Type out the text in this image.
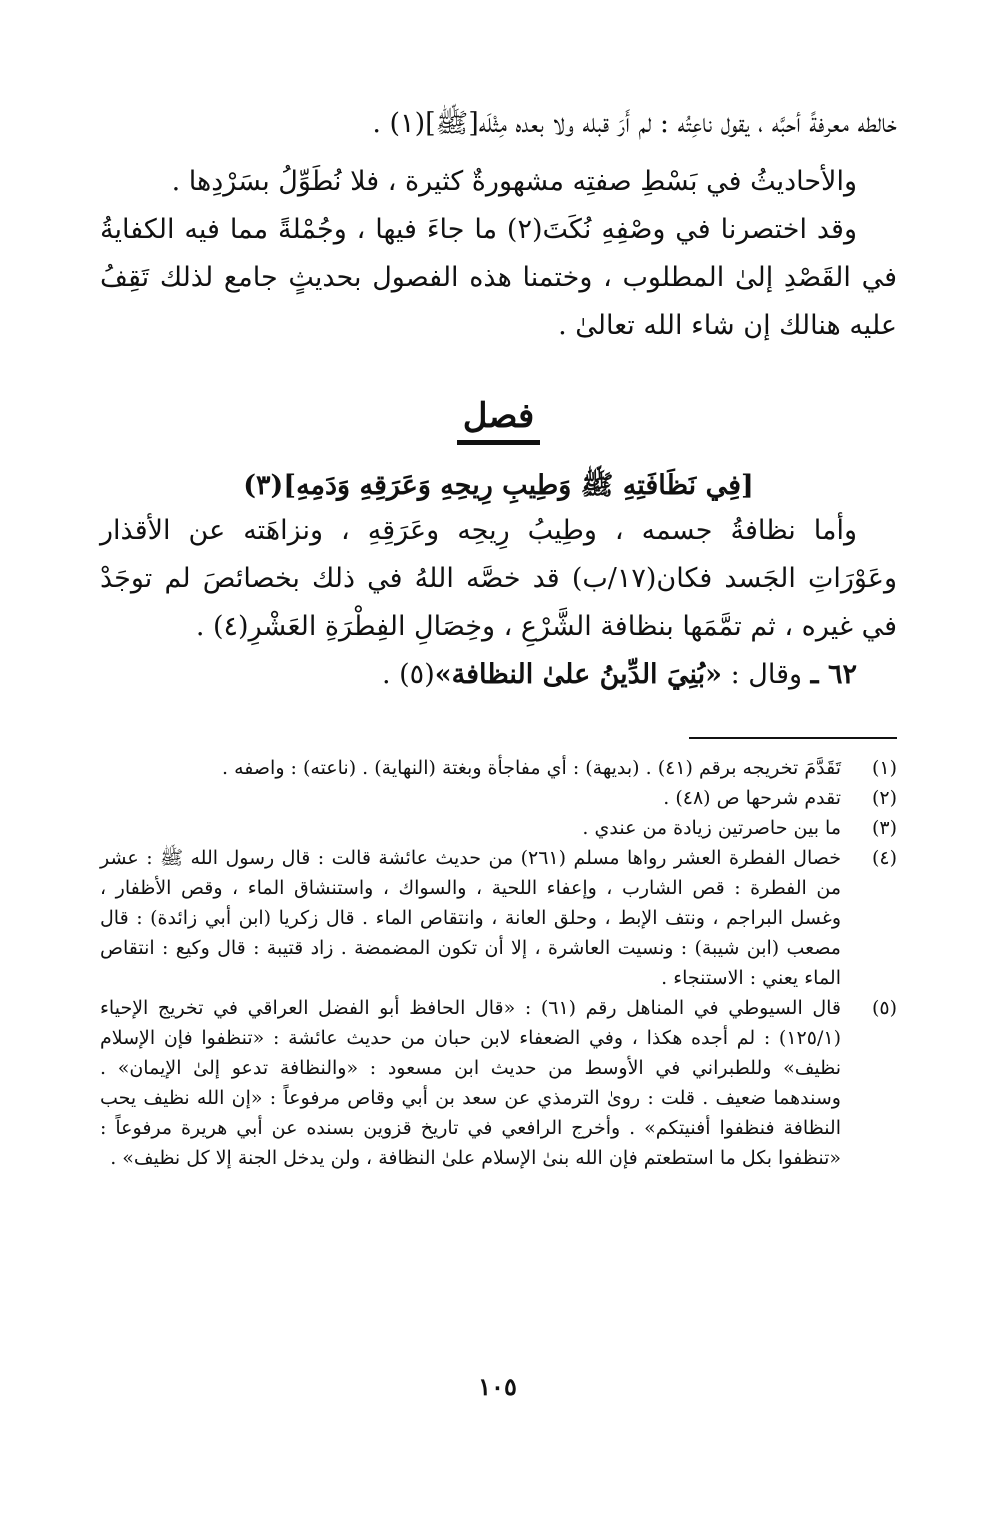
خالطه معرفةً أحبَّه ، يقول ناعِتُه : لم أَرَ قبله ولا بعده مِثْلَه[ﷺ](١) .

والأحاديثُ في بَسْطِ صفتِه مشهورةٌ كثيرة ، فلا نُطَوِّلُ بسَرْدِها .

وقد اختصرنا في وصْفِهِ نُكَتَ(٢) ما جاءَ فيها ، وجُمْلةً مما فيه الكفايةُ في القَصْدِ إلىٰ المطلوب ، وختمنا هذه الفصول بحديثٍ جامع لذلك تَقِفُ عليه هنالك إن شاء الله تعالىٰ .

فصل
[فِي نَظَافَتِهِ ﷺ وَطِيبِ رِيحِهِ وَعَرَقِهِ وَدَمِهِ](٣)

وأما نظافةُ جسمه ، وطِيبُ رِيحِه وعَرَقِهِ ، ونزاهَته عن الأقذار وعَوْرَاتِ الجَسد فكان(١٧/ب) قد خصَّه اللهُ في ذلك بخصائصَ لم توجَدْ في غيره ، ثم تمَّمَها بنظافة الشَّرْعِ ، وخِصَالِ الفِطْرَةِ العَشْرِ(٤) .

٦٢ ـ وقال : «بُنِيَ الدِّينُ علىٰ النظافة»(٥) .

(١)
تَقَدَّمَ تخريجه برقم (٤١) . (بديهة) : أي مفاجأة وبغتة (النهاية) . (ناعته) : واصفه .
(٢)
تقدم شرحها ص (٤٨) .
(٣)
ما بين حاصرتين زيادة من عندي .
(٤)
خصال الفطرة العشر رواها مسلم (٢٦١) من حديث عائشة قالت : قال رسول الله ﷺ : عشر من الفطرة : قص الشارب ، وإعفاء اللحية ، والسواك ، واستنشاق الماء ، وقص الأظفار ، وغسل البراجم ، ونتف الإبط ، وحلق العانة ، وانتقاص الماء . قال زكريا (ابن أبي زائدة) : قال مصعب (ابن شيبة) : ونسيت العاشرة ، إلا أن تكون المضمضة . زاد قتيبة : قال وكيع : انتقاص الماء يعني : الاستنجاء .
(٥)
قال السيوطي في المناهل رقم (٦١) : «قال الحافظ أبو الفضل العراقي في تخريج الإحياء (١٢٥/١) : لم أجده هكذا ، وفي الضعفاء لابن حبان من حديث عائشة : «تنظفوا فإن الإسلام نظيف» وللطبراني في الأوسط من حديث ابن مسعود : «والنظافة تدعو إلىٰ الإيمان» . وسندهما ضعيف . قلت : روىٰ الترمذي عن سعد بن أبي وقاص مرفوعاً : «إن الله نظيف يحب النظافة فنظفوا أفنيتكم» . وأخرج الرافعي في تاريخ قزوين بسنده عن أبي هريرة مرفوعاً : «تنظفوا بكل ما استطعتم فإن الله بنىٰ الإسلام علىٰ النظافة ، ولن يدخل الجنة إلا كل نظيف» .
١٠٥
